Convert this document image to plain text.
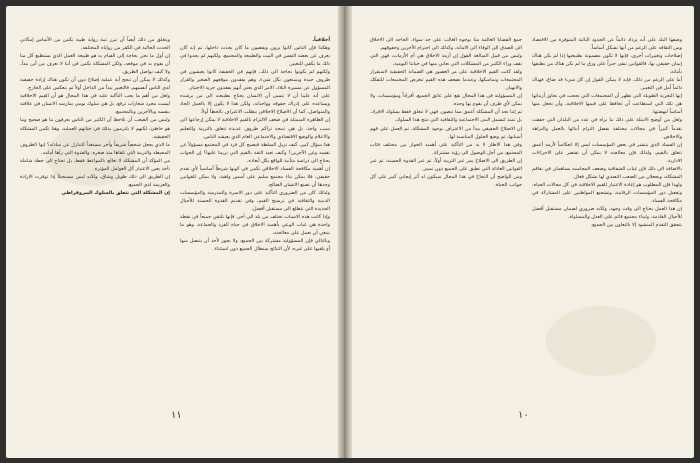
أخلاقياً.

وهكذا فإن الناس كانوا يرون ويقصون ما كان يحدث داخلها، ثم إنه كان يعرف عن بعضه النفس في البيت والطبيعة والمجتمع، ولكنهم لم يجدوا في ذلك ما يكفي للتغيير.

ولكنهم لم يكونوا بحاجة الى ذلك، فإنهم في الحقيقة كانوا يعيشون في ظروف جيدة ويتمتعون بكل شيء، وهم يفقدون موقعهم الصغير والقرار المسؤول عن مسيرة البلاد، الامر الذي يعني أنهم يفقدون حرية الاختيار.

على أنه علينا أن لا ننسى أن الانسان يحتاج بطبيعته الى من يرشده ويساعده على إدراك حقوقه وواجباته، ولكن هذا لا يكون إلا بالعمل الجاد والمتواصل، كما أن الاصلاح الاخلاقي يتطلب الاعتراف بالخطأ أولاً.

إن الظاهرة المتمثلة في ضعف الالتزام بالقيم الاخلاقية لا يمكن إرجاعها الى سبب واحد، بل هي نتيجة تراكم ظروف عديدة تتعلق بالتربية والتعليم والاعلام والوضع الاقتصادي والاجتماعي العام الذي يعيشه الناس.

هذا سؤال كبير، كيف نزيل السلطة فيصبح كل فرد في المجتمع مسؤولاً عن نفسه وعن الآخرين؟ وكيف نعيد الثقة بالقيم التي تربينا عليها؟ إن الجواب يحتاج الى دراسة متأنية للواقع بكل أبعاده.

إن أهمية مكافحة الفساد الاخلاقي تكمن في كونها شرطاً أساسياً لأي تقدم حقيقي، فلا يمكن بناء مجتمع سليم على أسس واهية، ولا يمكن للقوانين وحدها أن تصنع الانسان الصالح.

ولذلك كان من الضروري التأكيد على دور الاسرة والمدرسة والمؤسسات الدينية والثقافية في ترسيخ القيم، وفي تقديم القدوة الحسنة للأجيال الجديدة التي تتطلع الى مستقبل أفضل.

وإذا كانت هذه الاسباب تختلف من بلد الى آخر، فإنها تلتقي جميعاً في نقطة واحدة هي غياب الوعي بأهمية الاخلاق في حياة الفرد والجماعة، وهو ما ينبغي أن نعمل على معالجته.

وبالتالي فإن المسؤولية مشتركة بين الجميع، ولا يجوز لأحد أن يتنصل منها أو يلقيها على غيره، لأن النتائج ستطال الجميع دون استثناء.

ويتعلق من ذلك أيضاً أن تبرز ثمة رواية طيبة تكمن من الأساس إمكاني الحدث الحالية في الكفر من زواياه المختلفة.

إن أول ما نحن بحاجة إلى القيام به هو طبيعة العمل الذي يستطيع كل منا أن يقوم به في موقعه، ولكن المشكلة تكمن في أننا لا نعرف من أين نبدأ، ولا كيف نواصل الطريق.

وكذلك لا يمكن أن تنجح أية عملية إصلاح دون أن تكون هناك إرادة حقيقية لدى الناس أنفسهم، فالتغيير يبدأ من الداخل أولاً ثم ينعكس على الخارج.

ولعل من أهم ما يجب التأكيد عليه في هذا المجال هو أن القيم الاخلاقية ليست مجرد شعارات ترفع، بل هي سلوك يومي يمارسه الانسان في علاقته بنفسه وبالآخرين وبالمجتمع.

وليس من الصعب أن نلاحظ أن الكثير من الناس يعرفون ما هو صحيح وما هو خاطئ، لكنهم لا يلتزمون بذلك في حياتهم العملية، وهنا تكمن المشكلة الحقيقية.

ما الذي يجعل شخصاً شريفاً وآخر مستعداً للتنازل عن مبادئه؟ إنها الظروف المحيطة والتربية التي تلقاها منذ صغره، والقدوة التي رآها أمامه.

من المؤكد أن المشكلة لا تعالج بالمواعظ فقط، بل تحتاج الى خطة شاملة تأخذ بعين الاعتبار كل العوامل المؤثرة.

إن الطريق الى ذلك طويل وشاق، ولكنه ليس مستحيلاً إذا توفرت الارادة والعزيمة لدى الجميع.

إن المشكلة التي تتعلق بالسلوك البيروقراطي

١١

وصفها البلد على أنه يزداد دائماً عن الحدود البائنة المتوفرة من الاقتصاد ومن الثقافة على الرغم من أنها تشكل أساساً.

إصلاحات وتغييرات أخرى، فإنها لا تكون مضمونة بطبيعتها إذا لم يكن هناك إيمان حقيقي بها، فالقوانين تبقى حبراً على ورق ما لم يكن هناك من يطبقها بأمانة.

أما على الرغم من ذلك، فإنه لا يمكن القول إن كل شيء قد ضاع، فهناك دائماً أمل في التغيير.

إنها التجربة الطويلة التي تظهر أن المجتمعات التي نجحت في تجاوز أزماتها هي تلك التي استطاعت أن تحافظ على قيمها الاخلاقية، وأن تجعل منها أساساً لنهضتها.

ولعل من أوضح الامثلة على ذلك ما نراه في عدد من البلدان التي حققت تقدماً كبيراً في مجالات مختلفة بفضل التزام أبنائها بالعمل والنزاهة والاخلاص.

إن الفساد الذي ينتشر في بعض المؤسسات ليس إلا انعكاساً لأزمة أعمق تتعلق بالقيم، ولذلك فإن معالجته لا يمكن أن تقتصر على الاجراءات الادارية.

بالاضافة الى ذلك فإن غياب الشفافية وضعف المحاسبة يساهمان في تفاقم المشكلة، ويجعلان من الصعب التصدي لها بشكل فعال.

ولهذا فإن المطلوب هو إعادة الاعتبار للقيم الاخلاقية في كل مجالات الحياة، وتفعيل دور المؤسسات الرقابية، وتشجيع المواطنين على المشاركة في مكافحة الفساد.

إن هذا العمل يحتاج الى وقت وجهد، ولكنه ضروري لضمان مستقبل أفضل للأجيال القادمة، ولبناء مجتمع قائم على العدل والمساواة.

يتحقق التقدم المنشود إلا بالتعاون بين الجميع.

جمع القضايا العالمة منا بوجوه الغالب على حد سواء. الحاجة الى الاخلاق الى الصدق الى الوفاء الى الامانة، وكذلك الى احترام الآخرين وحقوقهم.

وليس من قبيل المبالغة القول إن أزمة الاخلاق هي أم الأزمات، فهي التي تقف وراء الكثير من المشكلات التي نعاني منها في حياتنا اليومية.

ولقد كانت القيم الاخلاقية على مر العصور هي الضمانة الحقيقية لاستقرار المجتمعات وتماسكها، وعندما تضعف هذه القيم تتعرض المجتمعات للتفكك والانهيار.

إن المسؤولية في هذا المجال تقع على عاتق الجميع، أفراداً ومؤسسات، ولا يمكن لأي طرف أن يقوم بها وحده.

ثم إننا نجد أن المشكلة أعمق مما نتصور، فهي لا تتعلق فقط بسلوك الافراد، بل تمتد لتشمل البنى الاجتماعية والثقافية التي تنتج هذا السلوك.

إن الاصلاح الحقيقي يبدأ من الاعتراف بوجود المشكلة، ثم العمل على فهم أسبابها، ثم وضع الحلول المناسبة لها.

وفي هذا الاطار لا بد من التأكيد على أهمية الحوار بين مختلف فئات المجتمع، من أجل الوصول الى رؤية مشتركة.

إن الطريق الى الاصلاح يمر عبر التربية أولاً، ثم عبر القدوة الحسنة، ثم عبر القوانين العادلة التي تطبق على الجميع دون تمييز.

ومن الواضح أن النجاح في هذا المجال سيكون له أثر إيجابي كبير على كل جوانب الحياة.

١٠
